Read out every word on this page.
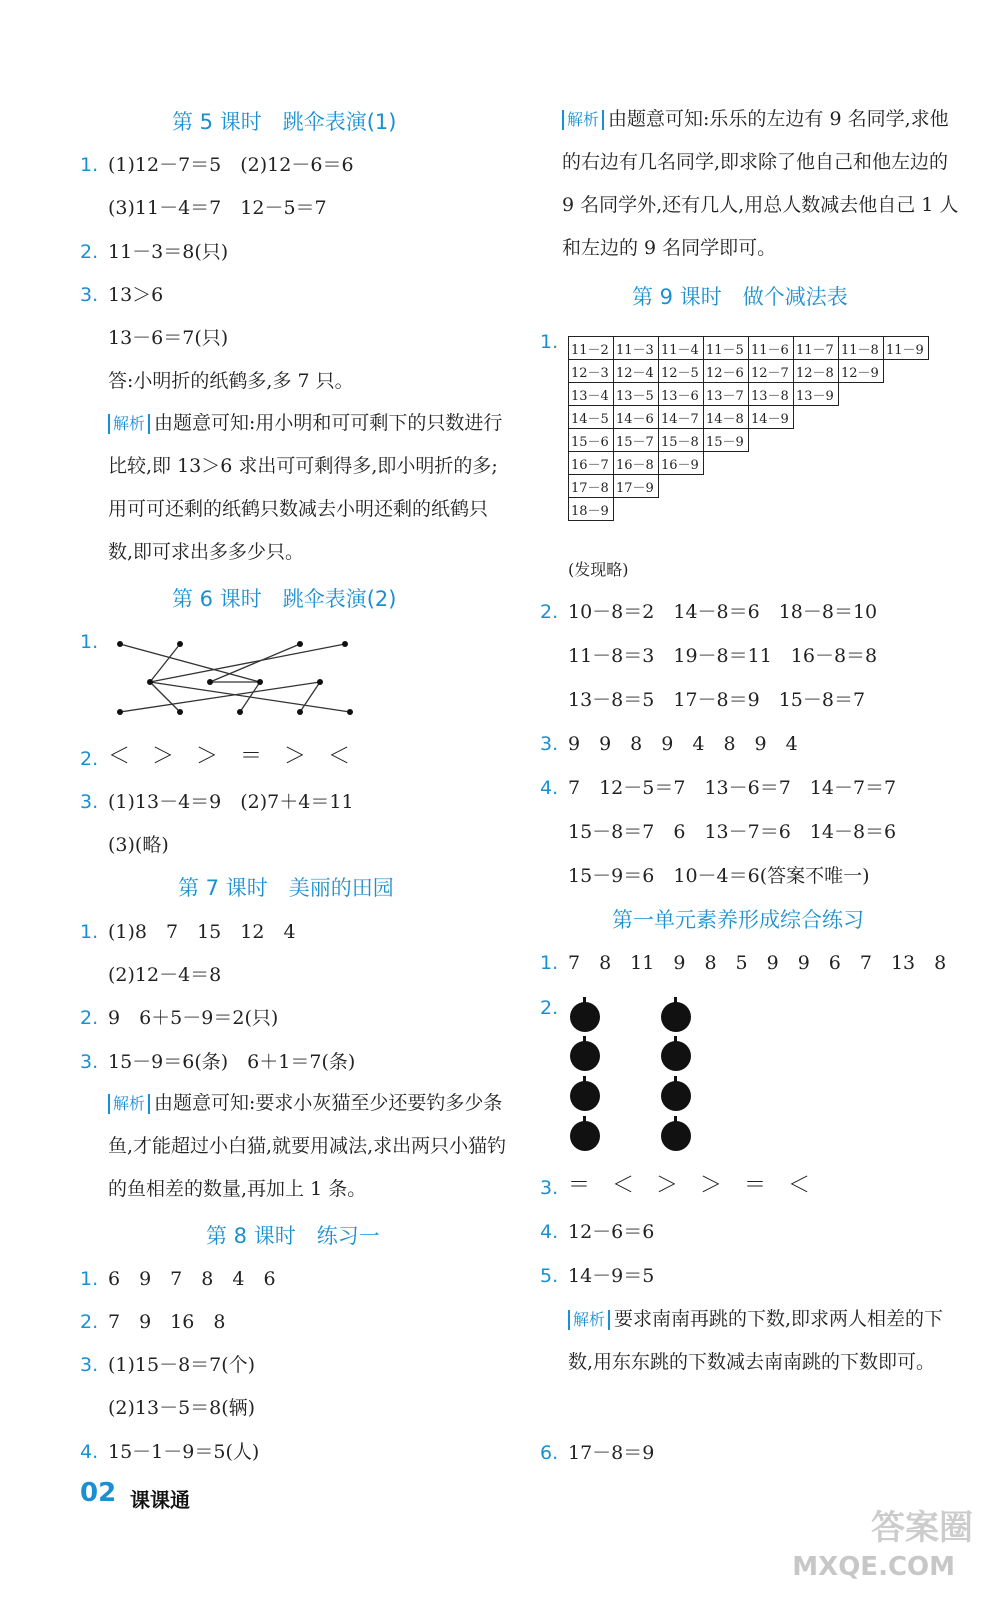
第 5 课时　跳伞表演(1)
1. (1)12－7＝5　(2)12－6＝6
(3)11－4＝7　12－5＝7
2. 11－3＝8(只)
3. 13＞6
13－6＝7(只)
答:小明折的纸鹤多,多 7 只。
解析 由题意可知:用小明和可可剩下的只数进行比较,即 13＞6 求出可可剩得多,即小明折的多;用可可还剩的纸鹤只数减去小明还剩的纸鹤只数,即可求出多多少只。
第 6 课时　跳伞表演(2)
1.
2. ＜　＞　＞　＝　＞　＜
3. (1)13－4＝9　(2)7＋4＝11
(3)(略)
第 7 课时　美丽的田园
1. (1)8　7　15　12　4
(2)12－4＝8
2. 9　6＋5－9＝2(只)
3. 15－9＝6(条)　6＋1＝7(条)
解析 由题意可知:要求小灰猫至少还要钓多少条鱼,才能超过小白猫,就要用减法,求出两只小猫钓的鱼相差的数量,再加上 1 条。
第 8 课时　练习一
1. 6　9　7　8　4　6
2. 7　9　16　8
3. (1)15－8＝7(个)
(2)13－5＝8(辆)
4. 15－1－9＝5(人)
解析 由题意可知:乐乐的左边有 9 名同学,求他的右边有几名同学,即求除了他自己和他左边的 9 名同学外,还有几人,用总人数减去他自己 1 人和左边的 9 名同学即可。
第 9 课时　做个减法表
1. 11－2	11－3	11－4	11－5	11－6	11－7	11－8	11－9
12－3	12－4	12－5	12－6	12－7	12－8	12－9	
13－4	13－5	13－6	13－7	13－8	13－9		
14－5	14－6	14－7	14－8	14－9			
15－6	15－7	15－8	15－9				
16－7	16－8	16－9					
17－8	17－9						
18－9							
(发现略)
2. 10－8＝2　14－8＝6　18－8＝10
11－8＝3　19－8＝11　16－8＝8
13－8＝5　17－8＝9　15－8＝7
3. 9　9　8　9　4　8　9　4
4. 7　12－5＝7　13－6＝7　14－7＝7
15－8＝7　6　13－7＝6　14－8＝6
15－9＝6　10－4＝6(答案不唯一)
第一单元素养形成综合练习
1. 7　8　11　9　8　5　9　9　6　7　13　8
2.
3. ＝　＜　＞　＞　＝　＜
4. 12－6＝6
5. 14－9＝5
解析 要求南南再跳的下数,即求两人相差的下数,用东东跳的下数减去南南跳的下数即可。
6. 17－8＝9
02 课课通
答案圈
MXQE.COM
